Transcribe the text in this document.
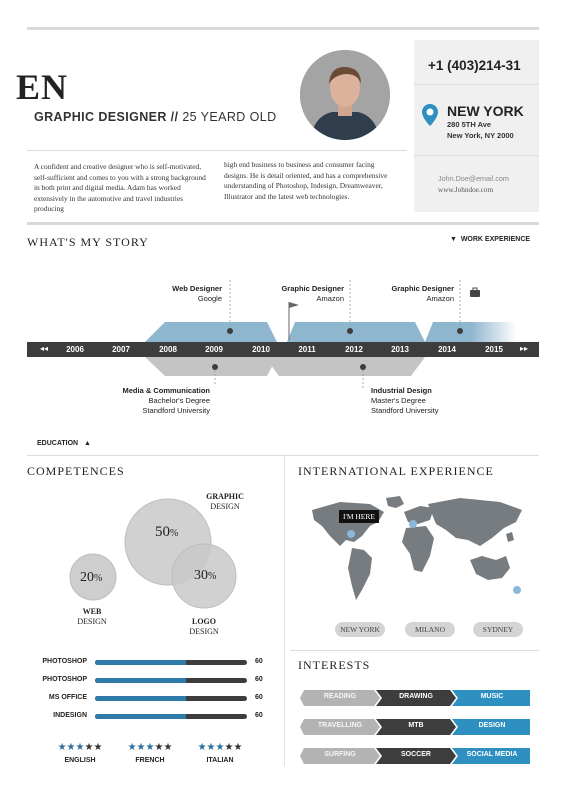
EN
GRAPHIC DESIGNER // 25 YEARD OLD
A confident and creative designer who is self-motivated, self-sufficient and comes to you with a strong background in both print and digital media. Adam has worked extensively in the automotive and travel industries producing
high end business to business and consumer facing designs. He is detail oriented, and has a comprehensive understanding of Photoshop, Indesign, Dreamweaver, Illustrator and the latest web technologies.
+1 (403)214-31
NEW YORK
280 5TH Ave
New York, NY 2000
John.Doe@email.com
www.Johndoe.com
WHAT'S MY STORY	▼ WORK EXPERIENCE
Web Designer
Google
Graphic Designer
Amazon
Graphic Designer
Amazon
◂◂	▸▸
2006	2007	2008	2009	2010	2011	2012	2013	2014	2015
Media & Communication
Bachelor's Degree
Standford University
Industrial Design
Master's Degree
Standford University
EDUCATION ▲
COMPETENCES
50%
20%	30%
GRAPHIC
DESIGN
WEB
DESIGN	LOGO
DESIGN
PHOTOSHOP	60
PHOTOSHOP	60
MS OFFICE	60
INDESIGN	60
★★★★★
ENGLISH
★★★★★
FRENCH
★★★★★
ITALIAN
INTERNATIONAL EXPERIENCE
I'M HERE
NEW YORK	MILANO	SYDNEY
INTERESTS
READING	DRAWING	MUSIC
TRAVELLING	MTB	DESIGN
SURFING	SOCCER	SOCIAL MEDIA
